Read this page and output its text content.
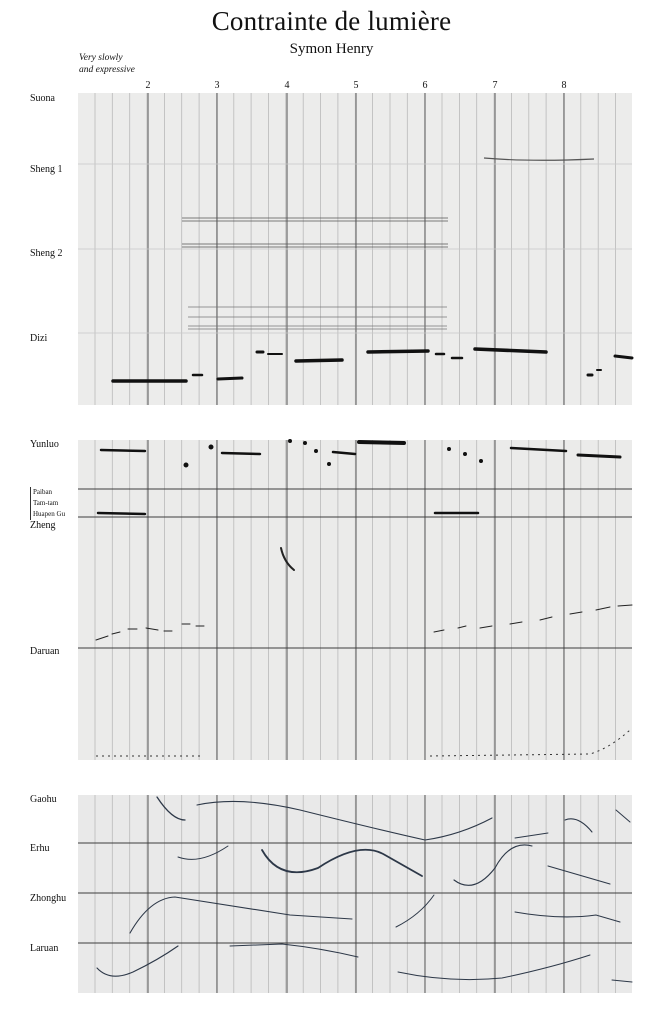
Contrainte de lumière
Symon Henry
Very slowly
and expressive
2	3	4	5	6	7	8
Suona
Sheng 1
Sheng 2
Dizi
Yunluo
Paiban
Tam-tam
Huapen Gu
Zheng
Daruan
Gaohu
Erhu
Zhonghu
Laruan
